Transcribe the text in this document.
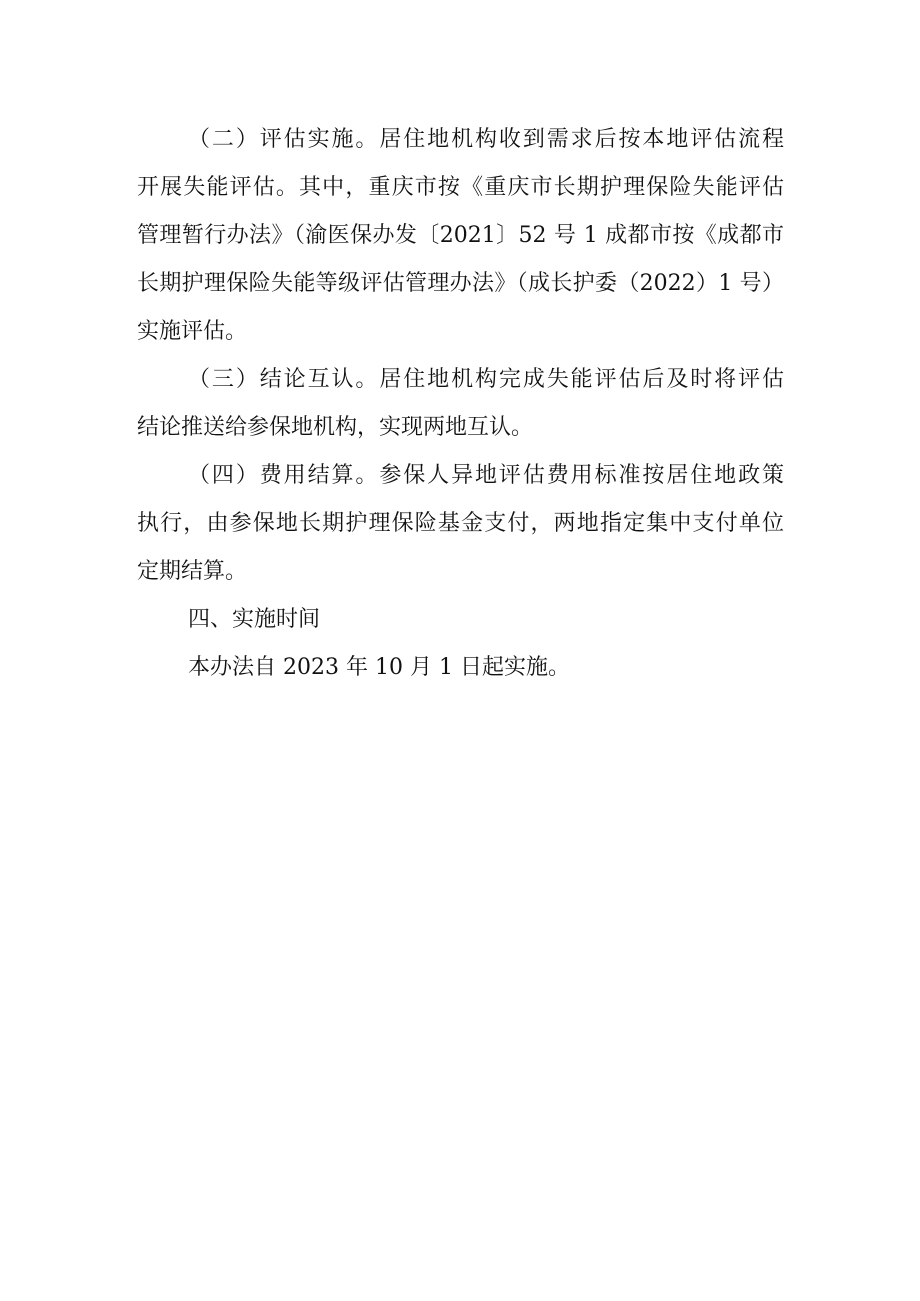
（二）评估实施。居住地机构收到需求后按本地评估流程
开展失能评估。其中，重庆市按《重庆市长期护理保险失能评估
管理暂行办法》（渝医保办发〔2021〕52 号 1 成都市按《成都市
长期护理保险失能等级评估管理办法》（成长护委（2022）1 号）
实施评估。
（三）结论互认。居住地机构完成失能评估后及时将评估
结论推送给参保地机构，实现两地互认。
（四）费用结算。参保人异地评估费用标准按居住地政策
执行，由参保地长期护理保险基金支付，两地指定集中支付单位
定期结算。
四、实施时间
本办法自 2023 年 10 月 1 日起实施。
